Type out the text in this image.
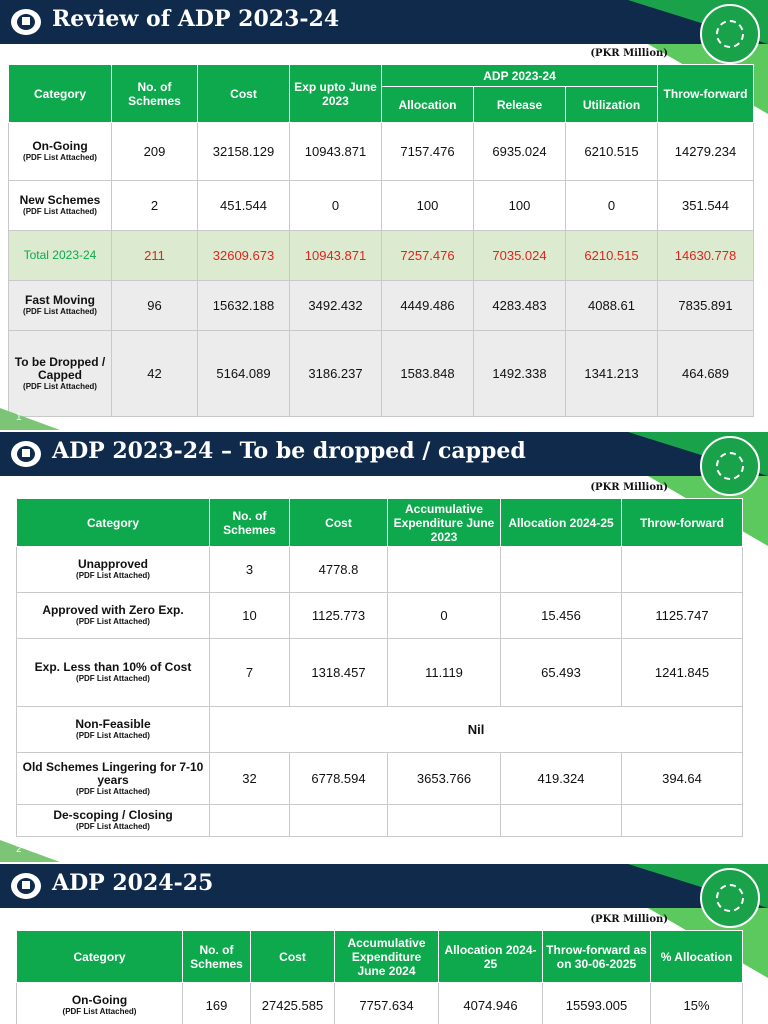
Review of ADP 2023-24
(PKR Million)
Category	No. of Schemes	Cost	Exp upto June 2023	ADP 2023-24			Throw-forward
				Allocation	Release	Utilization	
On-Going
(PDF List Attached)	209	32158.129	10943.871	7157.476	6935.024	6210.515	14279.234
New Schemes
(PDF List Attached)	2	451.544	0	100	100	0	351.544
Total 2023-24	211	32609.673	10943.871	7257.476	7035.024	6210.515	14630.778
Fast Moving
(PDF List Attached)	96	15632.188	3492.432	4449.486	4283.483	4088.61	7835.891
To be Dropped / Capped
(PDF List Attached)	42	5164.089	3186.237	1583.848	1492.338	1341.213	464.689
1
ADP 2023-24 – To be dropped / capped
(PKR Million)
Category	No. of Schemes	Cost	Accumulative Expenditure June 2023	Allocation 2024-25	Throw-forward
Unapproved
(PDF List Attached)	3	4778.8			
Approved with Zero Exp.
(PDF List Attached)	10	1125.773	0	15.456	1125.747
Exp. Less than 10% of Cost
(PDF List Attached)	7	1318.457	11.119	65.493	1241.845
Non-Feasible
(PDF List Attached)	Nil				
Old Schemes Lingering for 7-10 years
(PDF List Attached)	32	6778.594	3653.766	419.324	394.64
De-scoping / Closing
(PDF List Attached)					

2
ADP 2024-25
(PKR Million)
Category	No. of Schemes	Cost	Accumulative Expenditure June 2024	Allocation 2024-25	Throw-forward as on 30-06-2025	% Allocation
On-Going
(PDF List Attached)	169	27425.585	7757.634	4074.946	15593.005	15%
